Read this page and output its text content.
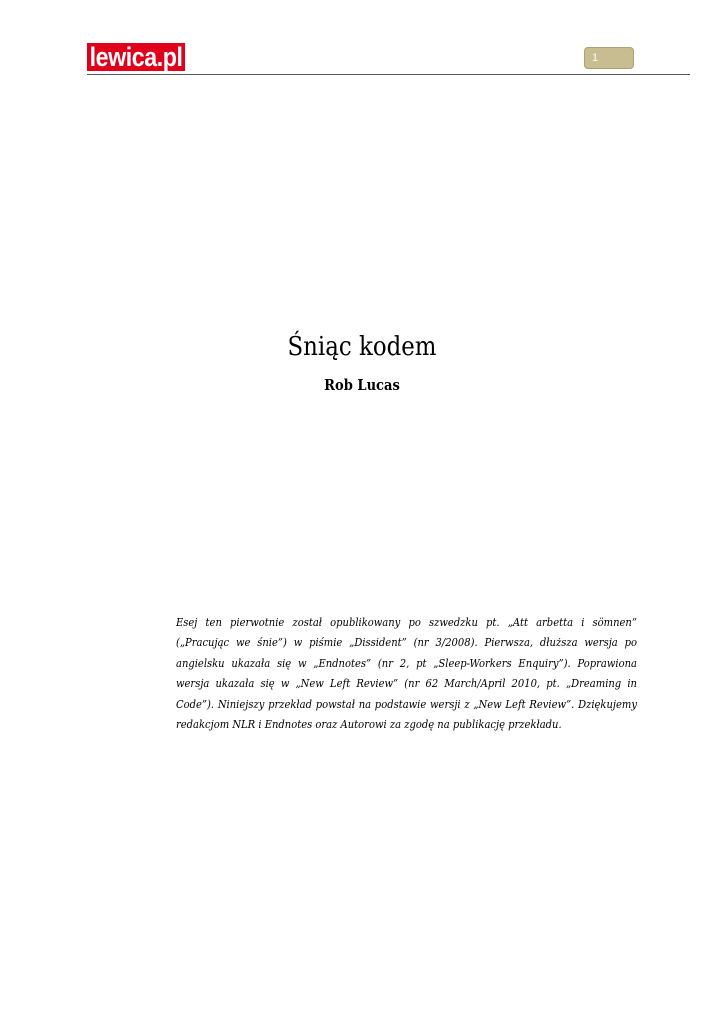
lewica.pl	1
Śniąc kodem
Rob Lucas
Esej ten pierwotnie został opublikowany po szwedzku pt. „Att arbetta i sömnen” („Pracując we śnie”) w piśmie „Dissident” (nr 3/2008). Pierwsza, dłuższa wersja po angielsku ukazała się w „Endnotes” (nr 2, pt „Sleep-Workers Enquiry”). Poprawiona wersja ukazała się w „New Left Review” (nr 62 March/April 2010, pt. „Dreaming in Code”). Niniejszy przekład powstał na podstawie wersji z „New Left Review”. Dziękujemy redakcjom NLR i Endnotes oraz Autorowi za zgodę na publikację przekładu.
